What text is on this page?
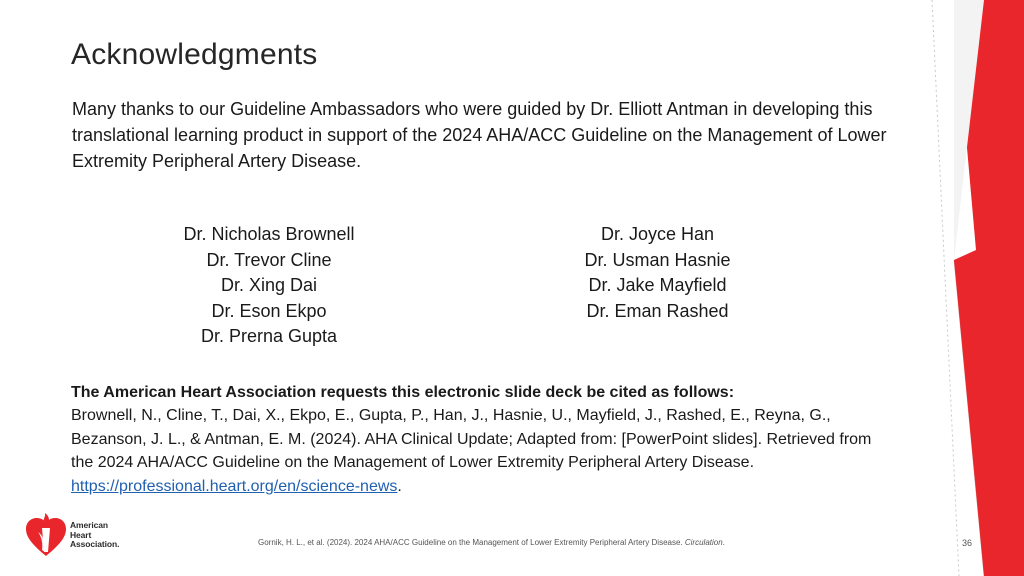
Acknowledgments
Many thanks to our Guideline Ambassadors who were guided by Dr. Elliott Antman in developing this translational learning product in support of the 2024 AHA/ACC Guideline on the Management of Lower Extremity Peripheral Artery Disease.
Dr. Nicholas Brownell
Dr. Trevor Cline
Dr. Xing Dai
Dr. Eson Ekpo
Dr. Prerna Gupta
Dr. Joyce Han
Dr. Usman Hasnie
Dr. Jake Mayfield
Dr. Eman Rashed
The American Heart Association requests this electronic slide deck be cited as follows:
Brownell, N., Cline, T., Dai, X., Ekpo, E., Gupta, P., Han, J., Hasnie, U., Mayfield, J., Rashed, E., Reyna, G., Bezanson, J. L., & Antman, E. M. (2024). AHA Clinical Update; Adapted from: [PowerPoint slides]. Retrieved from the 2024 AHA/ACC Guideline on the Management of Lower Extremity Peripheral Artery Disease. https://professional.heart.org/en/science-news.
American
Heart
Association.	Gornik, H. L., et al. (2024). 2024 AHA/ACC Guideline on the Management of Lower Extremity Peripheral Artery Disease. Circulation.	36
